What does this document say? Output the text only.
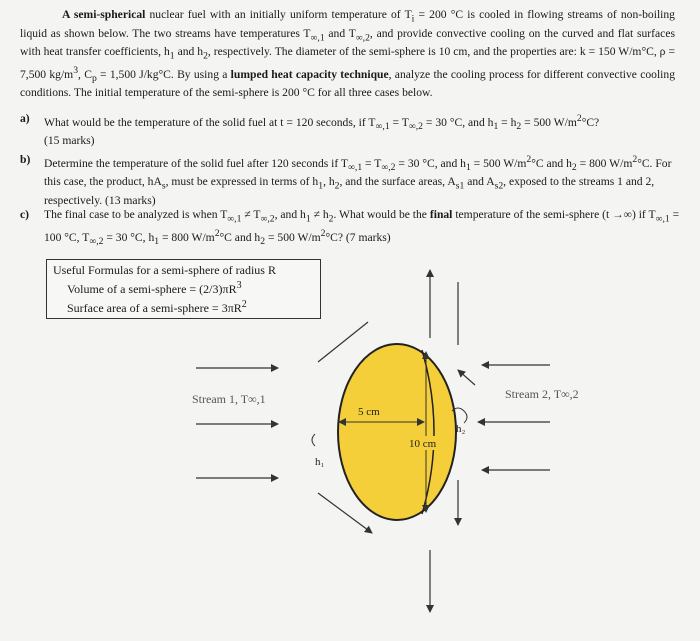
A semi-spherical nuclear fuel with an initially uniform temperature of $T_i = 200$ °C is cooled in flowing streams of non-boiling liquid as shown below. The two streams have temperatures $T_{\infty,1}$ and $T_{\infty,2}$, and provide convective cooling on the curved and flat surfaces with heat transfer coefficients, $h_1$ and $h_2$, respectively. The diameter of the semi-sphere is 10 cm, and the properties are: k = 150 W/m°C, ρ = 7,500 $kg/m^3$, $C_p = 1,500$ J/kg°C. By using a lumped heat capacity technique, analyze the cooling process for different convective cooling conditions. The initial temperature of the semi-sphere is 200 °C for all three cases below.
a) What would be the temperature of the solid fuel at t = 120 seconds, if $T_{\infty,1} = T_{\infty,2} = 30$ °C, and $h_1 = h_2 = 500$ $W/m^2^\circ C$?
(15 marks)
b) Determine the temperature of the solid fuel after 120 seconds if $T_{\infty,1} = T_{\infty,2} = 30$ °C, and $h_1 = 500$ $W/m^2^\circ C$ and $h_2 = 800$ $W/m^2^\circ C$. For this case, the product, $hA_s$, must be expressed in terms of $h_1$, $h_2$, and the surface areas, $A_{s1}$ and $A_{s2}$, exposed to the streams 1 and 2, respectively. (13 marks)
c) The final case to be analyzed is when $T_{\infty,1} \ne T_{\infty,2}$, and $h_1 \ne h_2$. What would be the final temperature of the semi-sphere (t →∞) if $T_{\infty,1} = 100$ °C, $T_{\infty,2} = 30$ °C, $h_1 = 800$ $W/m^2^\circ C$ and $h_2 = 500$ $W/m^2^\circ C$? (7 marks)
Useful Formulas for a semi-sphere of radius R
Volume of a semi-sphere = $(2/3)\pi R^3$
Surface area of a semi-sphere = $3\pi R^2$
5 cm
10 cm
Stream 1, T∞,1	Stream 2, T∞,2
h₁
h₂
